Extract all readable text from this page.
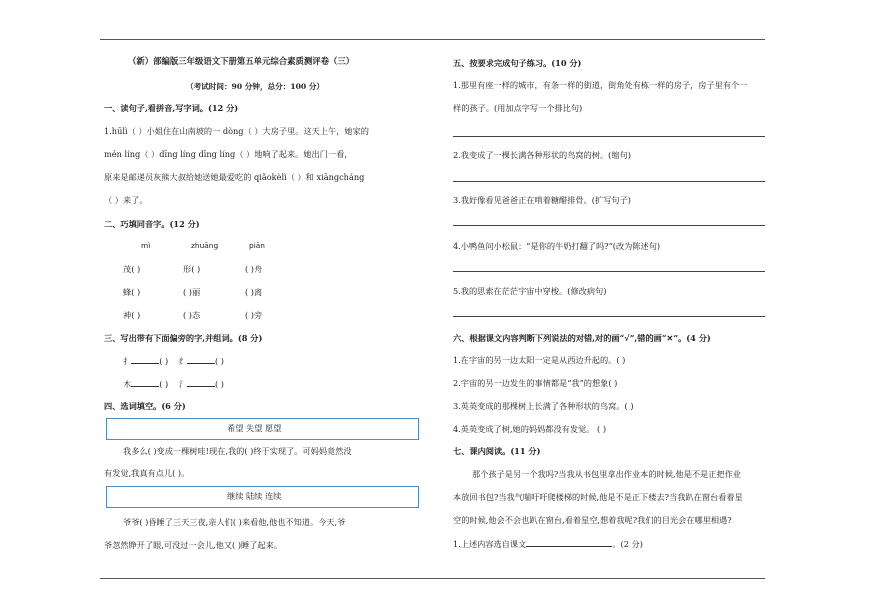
（新）部编版三年级语文下册第五单元综合素质测评卷（三）
（考试时间：90 分钟，总分：100 分）
一、读句子,看拼音,写字词。(12 分)
1.hūlì（ ）小姐住在山南坡的一 dòng（ ）大房子里。这天上午，她家的
mén líng（ ）dīng líng dīng líng（ ）地响了起来。她出门一看，
原来是邮递员灰熊大叔给她送她最爱吃的 qiǎokèlì（ ）和 xiāngcháng
（ ）来了。
二、巧填同音字。(12 分)
mì	zhuāng	piān
茂( )	形( )	( )舟
蜂( )	( )丽	( )离
神( )	( )态	( )旁
三、写出带有下面偏旁的字,并组词。(8 分)
扌	( ) 纟	( )
木	( ) 氵	( )
四、选词填空。(6 分)
希望 失望 愿望
我多么( )变成一棵树哇!现在,我的( )终于实现了。可妈妈竟然没
有发觉,我真有点儿( )。
继续 陆续 连续
爷爷( )昏睡了三天三夜,亲人们( )来看他,他也不知道。今天,爷
爷忽然睁开了眼,可没过一会儿,他又( )睡了起来。
五、按要求完成句子练习。(10 分)
1.那里有座一样的城市，有条一样的街道，街角处有栋一样的房子，房子里有个一
样的孩子。(用加点字写一个排比句)
2.我变成了一棵长满各种形状的鸟窝的树。(缩句)
3.我好像看见爸爸正在啃着糖醋排骨。(扩写句子)
4.小鸭鱼问小松鼠：“是你的牛奶打翻了吗?”(改为陈述句)
5.我的思索在茫茫宇宙中穿梭。(修改病句)
六、根据课文内容判断下列说法的对错,对的画“√”,错的画“✕”。(4 分)
1.在宇宙的另一边太阳一定是从西边升起的。( )
2.宇宙的另一边发生的事情都是“我”的想象( )
3.英英变成的那棵树上长满了各种形状的鸟窝。( )
4.英英变成了树,她的妈妈都没有发觉。 ( )
七、课内阅读。(11 分)
那个孩子是另一个我吗?当我从书包里拿出作业本的时候,他是不是正把作业
本放回书包?当我气喘吁吁爬楼梯的时候,他是不是正下楼去?当我趴在窗台看着星
空的时候,他会不会也趴在窗台,看着星空,想着我呢?我们的目光会在哪里相遇?
1.上述内容选自课文	。(2 分)
